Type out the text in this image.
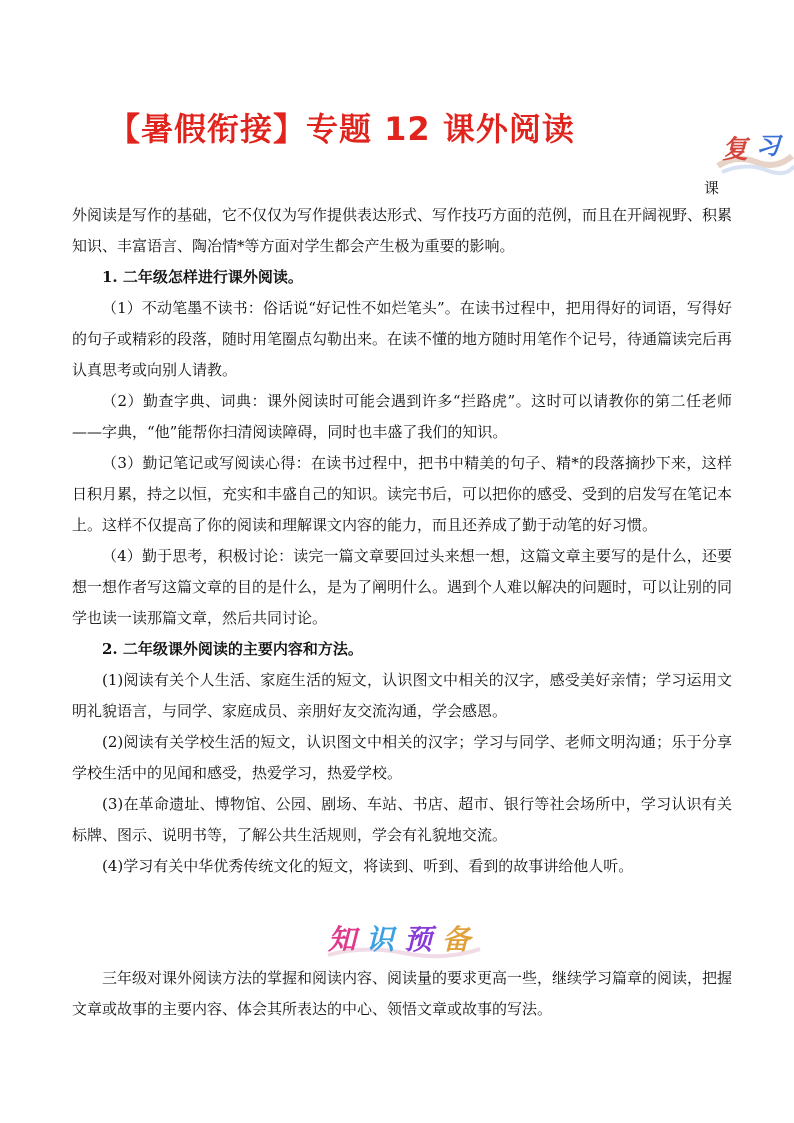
【暑假衔接】专题 12 课外阅读
复 习
课

外阅读是写作的基础，它不仅仅为写作提供表达形式、写作技巧方面的范例，而且在开阔视野、积累知识、丰富语言、陶冶情*等方面对学生都会产生极为重要的影响。

1. 二年级怎样进行课外阅读。

（1）不动笔墨不读书：俗话说“好记性不如烂笔头”。在读书过程中，把用得好的词语，写得好的句子或精彩的段落，随时用笔圈点勾勒出来。在读不懂的地方随时用笔作个记号，待通篇读完后再认真思考或向别人请教。

（2）勤查字典、词典：课外阅读时可能会遇到许多“拦路虎”。这时可以请教你的第二任老师——字典，“他”能帮你扫清阅读障碍，同时也丰盛了我们的知识。

（3）勤记笔记或写阅读心得：在读书过程中，把书中精美的句子、精*的段落摘抄下来，这样日积月累，持之以恒，充实和丰盛自己的知识。读完书后，可以把你的感受、受到的启发写在笔记本上。这样不仅提高了你的阅读和理解课文内容的能力，而且还养成了勤于动笔的好习惯。

（4）勤于思考，积极讨论：读完一篇文章要回过头来想一想，这篇文章主要写的是什么，还要想一想作者写这篇文章的目的是什么，是为了阐明什么。遇到个人难以解决的问题时，可以让别的同学也读一读那篇文章，然后共同讨论。

2. 二年级课外阅读的主要内容和方法。

(1)阅读有关个人生活、家庭生活的短文，认识图文中相关的汉字，感受美好亲情；学习运用文明礼貌语言，与同学、家庭成员、亲朋好友交流沟通，学会感恩。

(2)阅读有关学校生活的短文，认识图文中相关的汉字；学习与同学、老师文明沟通；乐于分享学校生活中的见闻和感受，热爱学习，热爱学校。

(3)在革命遗址、博物馆、公园、剧场、车站、书店、超市、银行等社会场所中，学习认识有关标牌、图示、说明书等，了解公共生活规则，学会有礼貌地交流。

(4)学习有关中华优秀传统文化的短文，将读到、听到、看到的故事讲给他人听。

知 识 预 备

三年级对课外阅读方法的掌握和阅读内容、阅读量的要求更高一些，继续学习篇章的阅读，把握文章或故事的主要内容、体会其所表达的中心、领悟文章或故事的写法。
